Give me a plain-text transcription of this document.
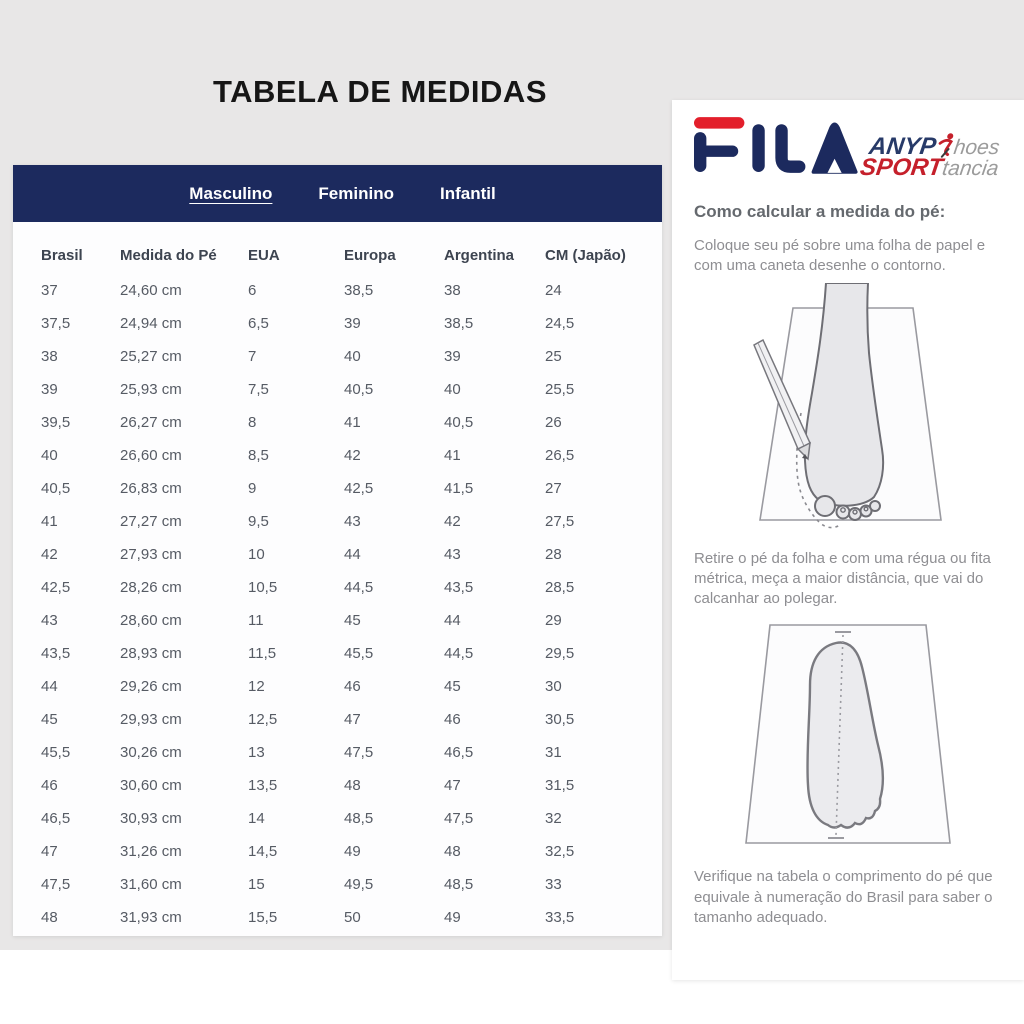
TABELA DE MEDIDAS
Masculino	Feminino	Infantil
Brasil	Medida do Pé	EUA	Europa	Argentina	CM (Japão)
37	24,60 cm	6	38,5	38	24
37,5	24,94 cm	6,5	39	38,5	24,5
38	25,27 cm	7	40	39	25
39	25,93 cm	7,5	40,5	40	25,5
39,5	26,27 cm	8	41	40,5	26
40	26,60 cm	8,5	42	41	26,5
40,5	26,83 cm	9	42,5	41,5	27
41	27,27 cm	9,5	43	42	27,5
42	27,93 cm	10	44	43	28
42,5	28,26 cm	10,5	44,5	43,5	28,5
43	28,60 cm	11	45	44	29
43,5	28,93 cm	11,5	45,5	44,5	29,5
44	29,26 cm	12	46	45	30
45	29,93 cm	12,5	47	46	30,5
45,5	30,26 cm	13	47,5	46,5	31
46	30,60 cm	13,5	48	47	31,5
46,5	30,93 cm	14	48,5	47,5	32
47	31,26 cm	14,5	49	48	32,5
47,5	31,60 cm	15	49,5	48,5	33
48	31,93 cm	15,5	50	49	33,5
ANYP hoes
SPORTtancia
Como calcular a medida do pé:

Coloque seu pé sobre uma folha de papel e com uma caneta desenhe o contorno.

Retire o pé da folha e com uma régua ou fita métrica, meça a maior distância, que vai do calcanhar ao polegar.

Verifique na tabela o comprimento do pé que equivale à numeração do Brasil para saber o tamanho adequado.
